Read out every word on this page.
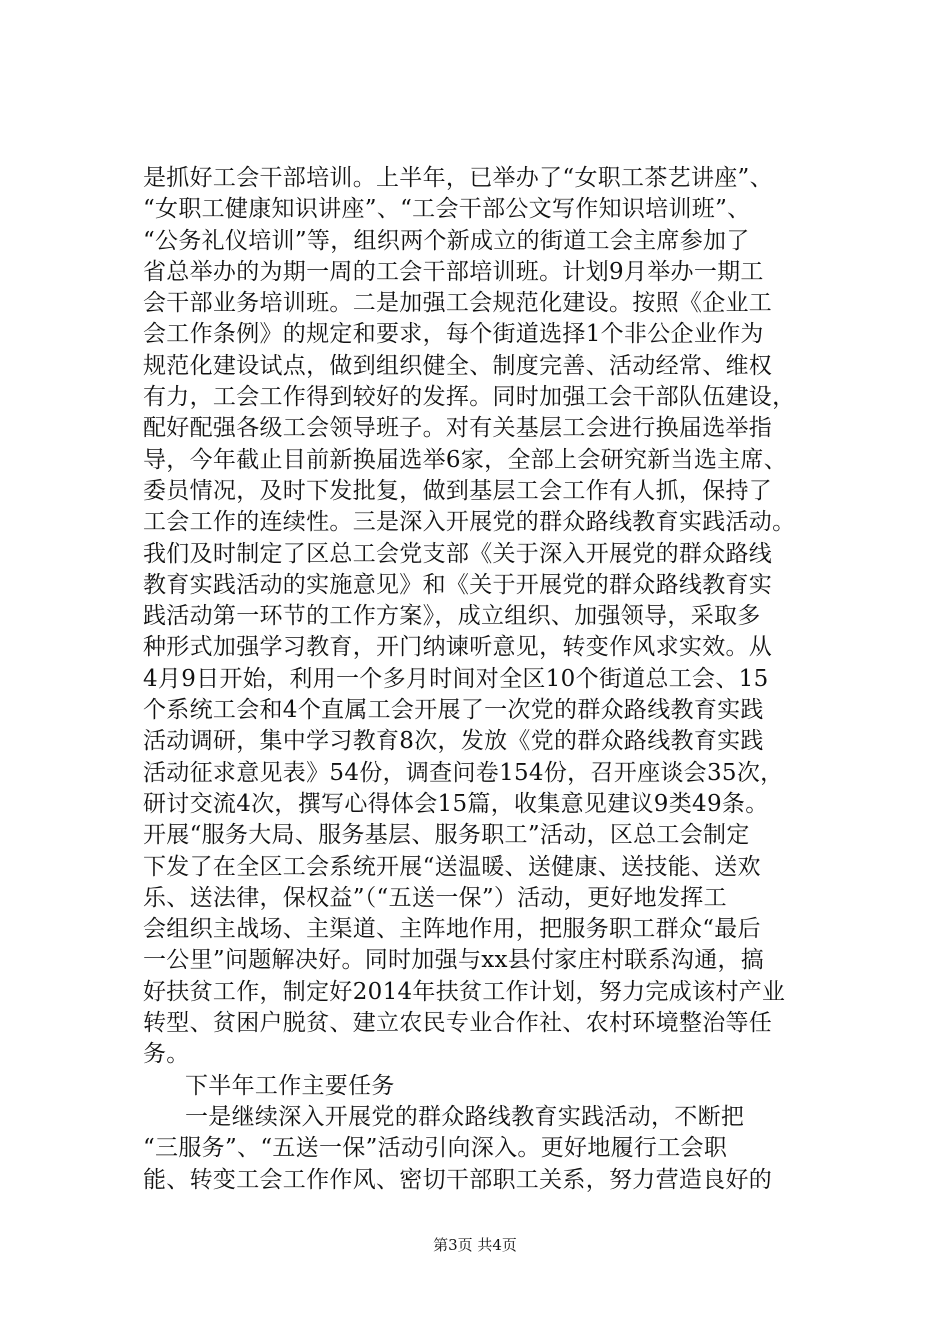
是抓好工会干部培训。上半年，已举办了“女职工茶艺讲座”、
“女职工健康知识讲座”、“工会干部公文写作知识培训班”、
“公务礼仪培训”等，组织两个新成立的街道工会主席参加了
省总举办的为期一周的工会干部培训班。计划9月举办一期工
会干部业务培训班。二是加强工会规范化建设。按照《企业工
会工作条例》的规定和要求，每个街道选择1个非公企业作为
规范化建设试点，做到组织健全、制度完善、活动经常、维权
有力，工会工作得到较好的发挥。同时加强工会干部队伍建设，
配好配强各级工会领导班子。对有关基层工会进行换届选举指
导，今年截止目前新换届选举6家，全部上会研究新当选主席、
委员情况，及时下发批复，做到基层工会工作有人抓，保持了
工会工作的连续性。三是深入开展党的群众路线教育实践活动。
我们及时制定了区总工会党支部《关于深入开展党的群众路线
教育实践活动的实施意见》和《关于开展党的群众路线教育实
践活动第一环节的工作方案》，成立组织、加强领导，采取多
种形式加强学习教育，开门纳谏听意见，转变作风求实效。从
4月9日开始，利用一个多月时间对全区10个街道总工会、15
个系统工会和4个直属工会开展了一次党的群众路线教育实践
活动调研，集中学习教育8次，发放《党的群众路线教育实践
活动征求意见表》54份，调查问卷154份，召开座谈会35次，
研讨交流4次，撰写心得体会15篇，收集意见建议9类49条。
开展“服务大局、服务基层、服务职工”活动，区总工会制定
下发了在全区工会系统开展“送温暖、送健康、送技能、送欢
乐、送法律，保权益”（“五送一保”）活动，更好地发挥工
会组织主战场、主渠道、主阵地作用，把服务职工群众“最后
一公里”问题解决好。同时加强与xx县付家庄村联系沟通，搞
好扶贫工作，制定好2014年扶贫工作计划，努力完成该村产业
转型、贫困户脱贫、建立农民专业合作社、农村环境整治等任
务。
下半年工作主要任务
一是继续深入开展党的群众路线教育实践活动，不断把
“三服务”、“五送一保”活动引向深入。更好地履行工会职
能、转变工会工作作风、密切干部职工关系，努力营造良好的
第3页 共4页
